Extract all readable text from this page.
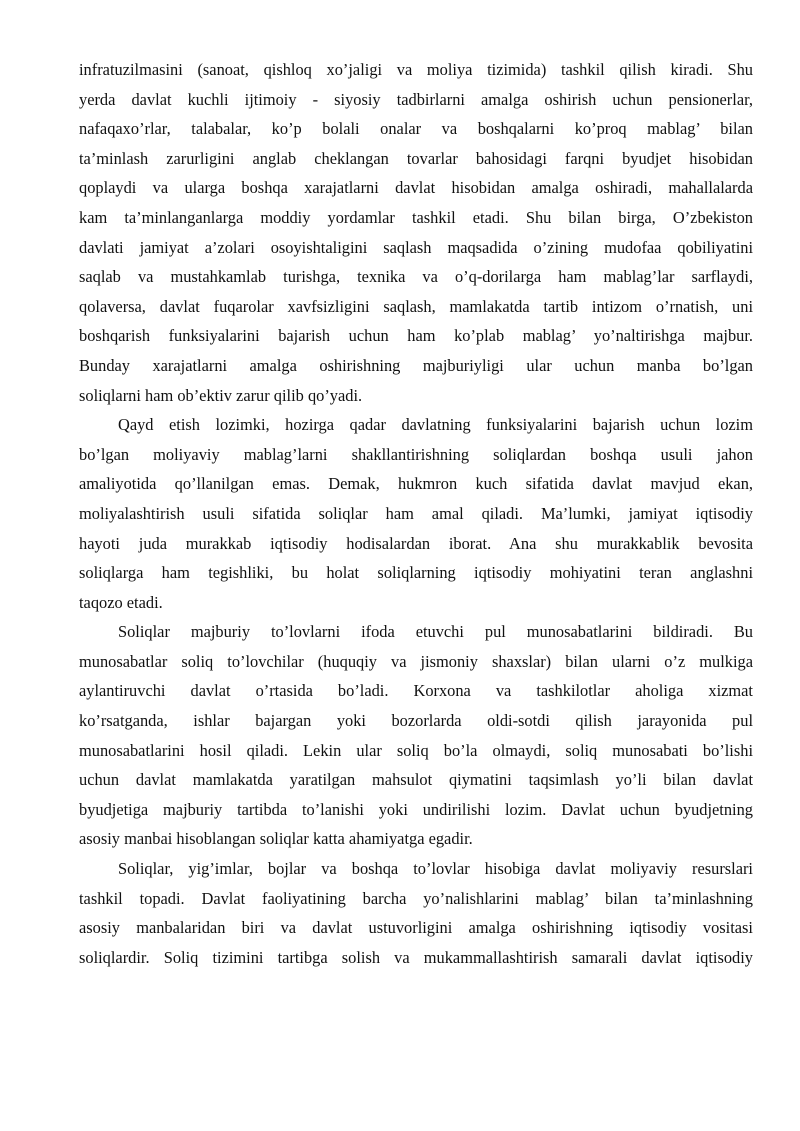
infratuzilmasini (sanoat, qishloq xo’jaligi va moliya tizimida) tashkil qilish kiradi. Shu
yerda davlat kuchli ijtimoiy - siyosiy tadbirlarni amalga oshirish uchun pensionerlar,
nafaqaxo’rlar, talabalar, ko’p bolali onalar va boshqalarni ko’proq mablag’ bilan
ta’minlash zarurligini anglab cheklangan tovarlar bahosidagi farqni byudjet hisobidan
qoplaydi va ularga boshqa xarajatlarni davlat hisobidan amalga oshiradi, mahallalarda
kam ta’minlanganlarga moddiy yordamlar tashkil etadi. Shu bilan birga, O’zbekiston
davlati jamiyat a’zolari osoyishtaligini saqlash maqsadida o’zining mudofaa qobiliyatini
saqlab va mustahkamlab turishga, texnika va o’q-dorilarga ham mablag’lar sarflaydi,
qolaversa, davlat fuqarolar xavfsizligini saqlash, mamlakatda tartib intizom o’rnatish, uni
boshqarish funksiyalarini bajarish uchun ham ko’plab mablag’ yo’naltirishga majbur.
Bunday xarajatlarni amalga oshirishning majburiyligi ular uchun manba bo’lgan
soliqlarni ham ob’ektiv zarur qilib qo’yadi.
Qayd etish lozimki, hozirga qadar davlatning funksiyalarini bajarish uchun lozim
bo’lgan moliyaviy mablag’larni shakllantirishning soliqlardan boshqa usuli jahon
amaliyotida qo’llanilgan emas. Demak, hukmron kuch sifatida davlat mavjud ekan,
moliyalashtirish usuli sifatida soliqlar ham amal qiladi. Ma’lumki, jamiyat iqtisodiy
hayoti juda murakkab iqtisodiy hodisalardan iborat. Ana shu murakkablik bevosita
soliqlarga ham tegishliki, bu holat soliqlarning iqtisodiy mohiyatini teran anglashni
taqozo etadi.
Soliqlar majburiy to’lovlarni ifoda etuvchi pul munosabatlarini bildiradi. Bu
munosabatlar soliq to’lovchilar (huquqiy va jismoniy shaxslar) bilan ularni o’z mulkiga
aylantiruvchi davlat o’rtasida bo’ladi. Korxona va tashkilotlar aholiga xizmat
ko’rsatganda, ishlar bajargan yoki bozorlarda oldi-sotdi qilish jarayonida pul
munosabatlarini hosil qiladi. Lekin ular soliq bo’la olmaydi, soliq munosabati bo’lishi
uchun davlat mamlakatda yaratilgan mahsulot qiymatini taqsimlash yo’li bilan davlat
byudjetiga majburiy tartibda to’lanishi yoki undirilishi lozim. Davlat uchun byudjetning
asosiy manbai hisoblangan soliqlar katta ahamiyatga egadir.
Soliqlar, yig’imlar, bojlar va boshqa to’lovlar hisobiga davlat moliyaviy resurslari
tashkil topadi. Davlat faoliyatining barcha yo’nalishlarini mablag’ bilan ta’minlashning
asosiy manbalaridan biri va davlat ustuvorligini amalga oshirishning iqtisodiy vositasi
soliqlardir. Soliq tizimini tartibga solish va mukammallashtirish samarali davlat iqtisodiy
